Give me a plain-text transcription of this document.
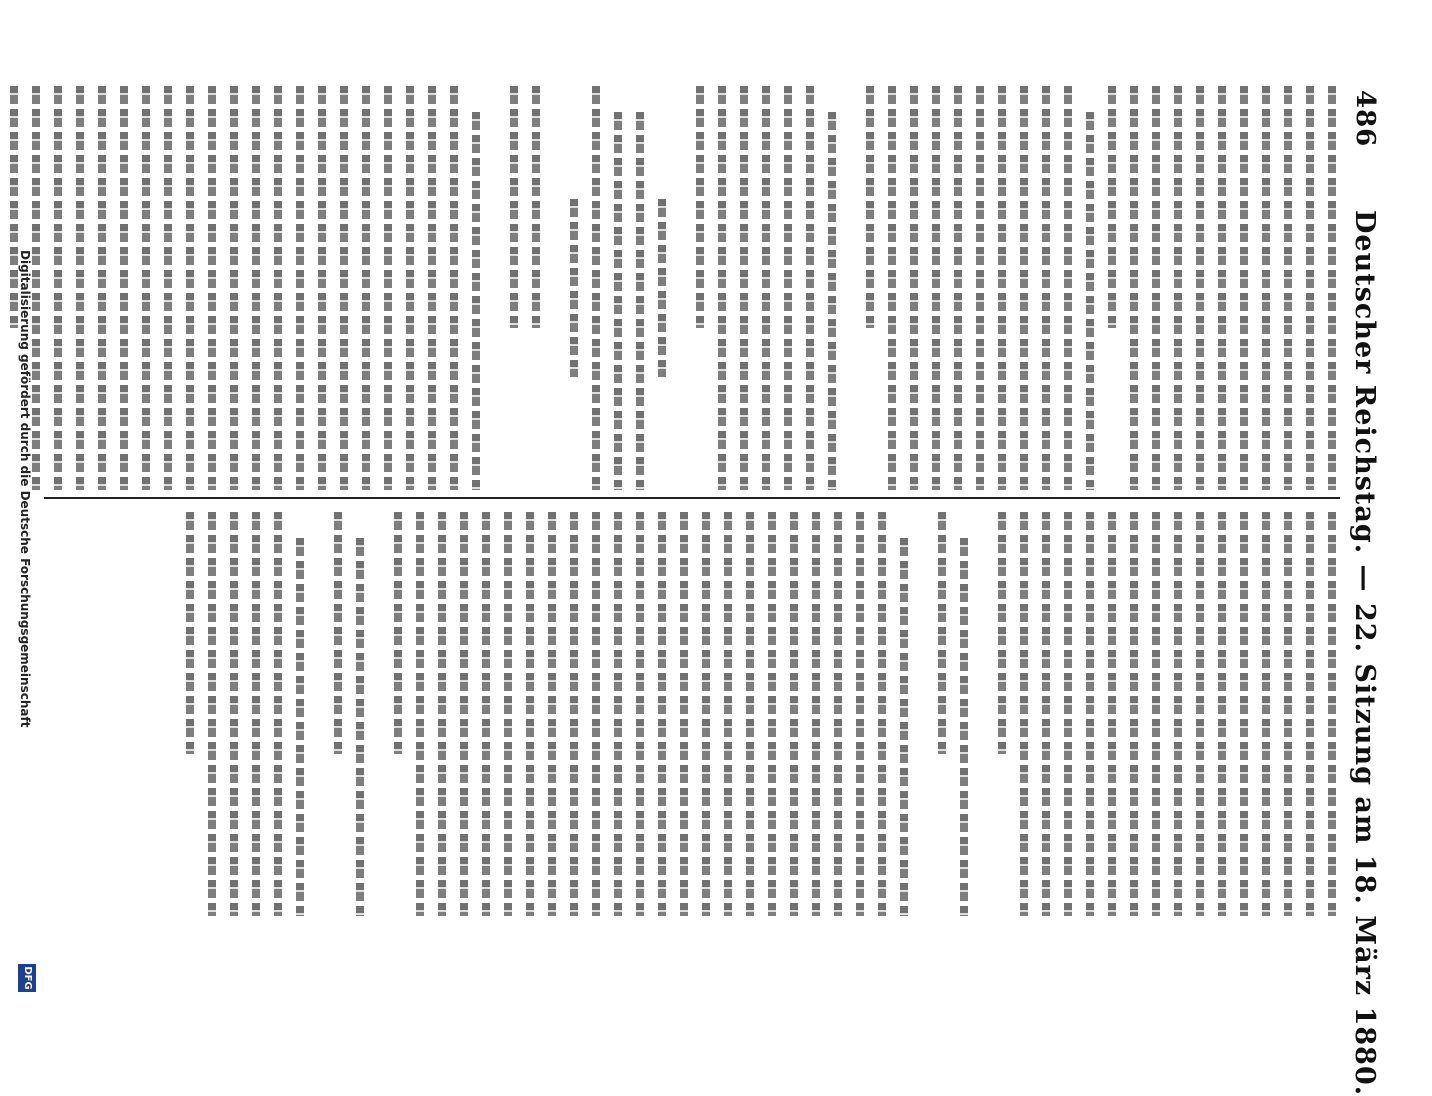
486
Deutscher Reichstag. — 22. Sitzung am 18. März 1880.
Digitalisierung gefördert durch die Deutsche Forschungsgemeinschaft
DFG
